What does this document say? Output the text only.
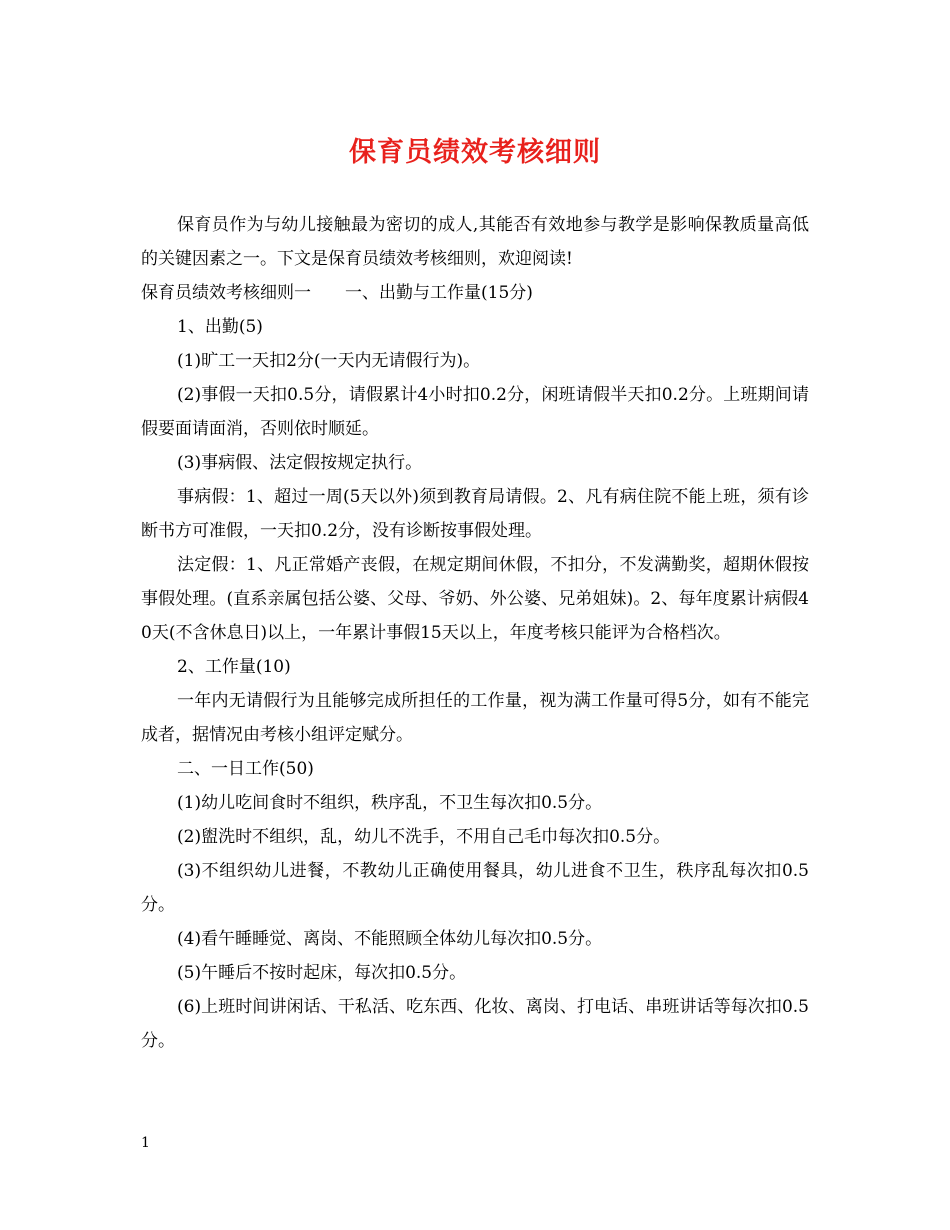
保育员绩效考核细则

保育员作为与幼儿接触最为密切的成人,其能否有效地参与教学是影响保教质量高低的关键因素之一。下文是保育员绩效考核细则，欢迎阅读!

保育员绩效考核细则一 一、出勤与工作量(15分)

1、出勤(5)

(1)旷工一天扣2分(一天内无请假行为)。

(2)事假一天扣0.5分，请假累计4小时扣0.2分，闲班请假半天扣0.2分。上班期间请假要面请面消，否则依时顺延。

(3)事病假、法定假按规定执行。

事病假：1、超过一周(5天以外)须到教育局请假。2、凡有病住院不能上班，须有诊断书方可准假，一天扣0.2分，没有诊断按事假处理。

法定假：1、凡正常婚产丧假，在规定期间休假，不扣分，不发满勤奖，超期休假按事假处理。(直系亲属包括公婆、父母、爷奶、外公婆、兄弟姐妹)。2、每年度累计病假40天(不含休息日)以上，一年累计事假15天以上，年度考核只能评为合格档次。

2、工作量(10)

一年内无请假行为且能够完成所担任的工作量，视为满工作量可得5分，如有不能完成者，据情况由考核小组评定赋分。

二、一日工作(50)

(1)幼儿吃间食时不组织，秩序乱，不卫生每次扣0.5分。

(2)盥洗时不组织，乱，幼儿不洗手，不用自己毛巾每次扣0.5分。

(3)不组织幼儿进餐，不教幼儿正确使用餐具，幼儿进食不卫生，秩序乱每次扣0.5分。

(4)看午睡睡觉、离岗、不能照顾全体幼儿每次扣0.5分。

(5)午睡后不按时起床，每次扣0.5分。

(6)上班时间讲闲话、干私活、吃东西、化妆、离岗、打电话、串班讲话等每次扣0.5分。

1
